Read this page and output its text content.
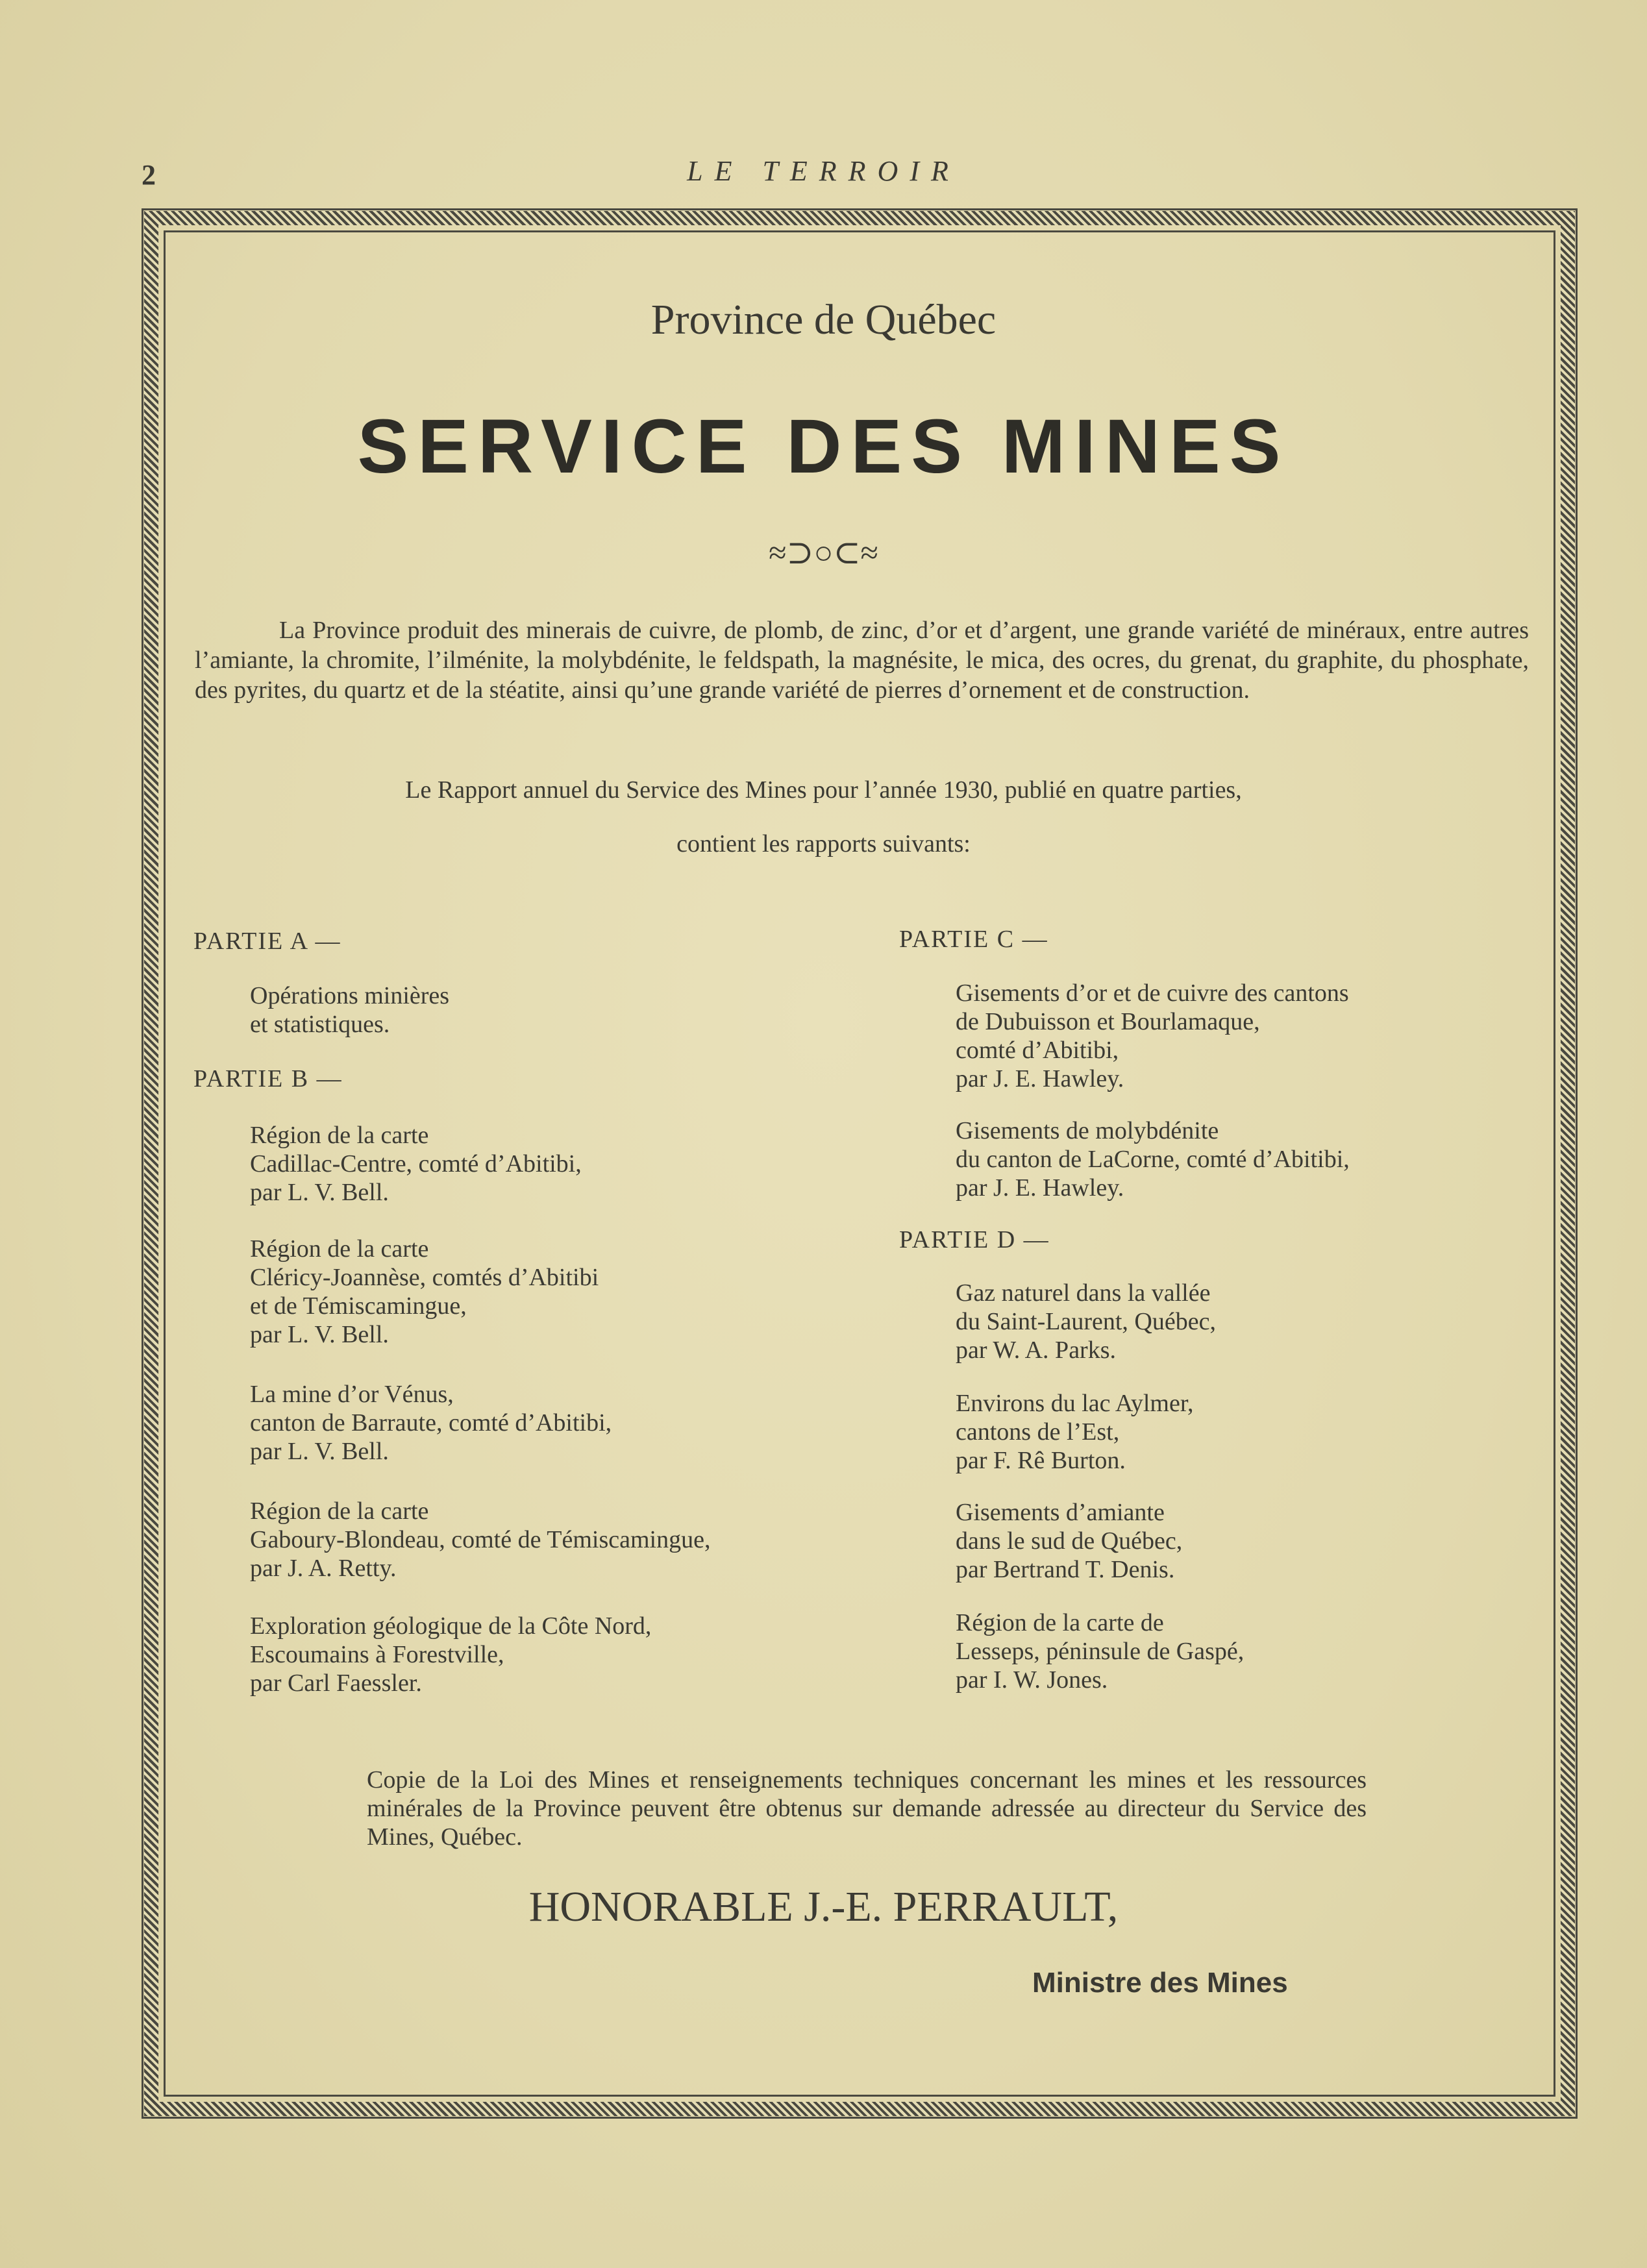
2	LE TERROIR
Province de Québec
SERVICE DES MINES
≈⊃○⊂≈
La Province produit des minerais de cuivre, de plomb, de zinc, d’or et d’argent, une grande variété de minéraux, entre autres l’amiante, la chromite, l’ilménite, la molybdénite, le feldspath, la magnésite, le mica, des ocres, du grenat, du graphite, du phosphate, des pyrites, du quartz et de la stéatite, ainsi qu’une grande variété de pierres d’ornement et de construction.
Le Rapport annuel du Service des Mines pour l’année 1930, publié en quatre parties,
contient les rapports suivants:
PARTIE A —
Opérations minières
et statistiques.
PARTIE B —
Région de la carte
Cadillac-Centre, comté d’Abitibi,
par L. V. Bell.
Région de la carte
Cléricy-Joannèse, comtés d’Abitibi
et de Témiscamingue,
par L. V. Bell.
La mine d’or Vénus,
canton de Barraute, comté d’Abitibi,
par L. V. Bell.
Région de la carte
Gaboury-Blondeau, comté de Témiscamingue,
par J. A. Retty.
Exploration géologique de la Côte Nord,
Escoumains à Forestville,
par Carl Faessler.
PARTIE C —
Gisements d’or et de cuivre des cantons
de Dubuisson et Bourlamaque,
comté d’Abitibi,
par J. E. Hawley.
Gisements de molybdénite
du canton de LaCorne, comté d’Abitibi,
par J. E. Hawley.
PARTIE D —
Gaz naturel dans la vallée
du Saint-Laurent, Québec,
par W. A. Parks.
Environs du lac Aylmer,
cantons de l’Est,
par F. Rê Burton.
Gisements d’amiante
dans le sud de Québec,
par Bertrand T. Denis.
Région de la carte de
Lesseps, péninsule de Gaspé,
par I. W. Jones.
Copie de la Loi des Mines et renseignements techniques concernant les mines et les ressources minérales de la Province peuvent être obtenus sur demande adressée au directeur du Service des Mines, Québec.
HONORABLE J.-E. PERRAULT,
Ministre des Mines
